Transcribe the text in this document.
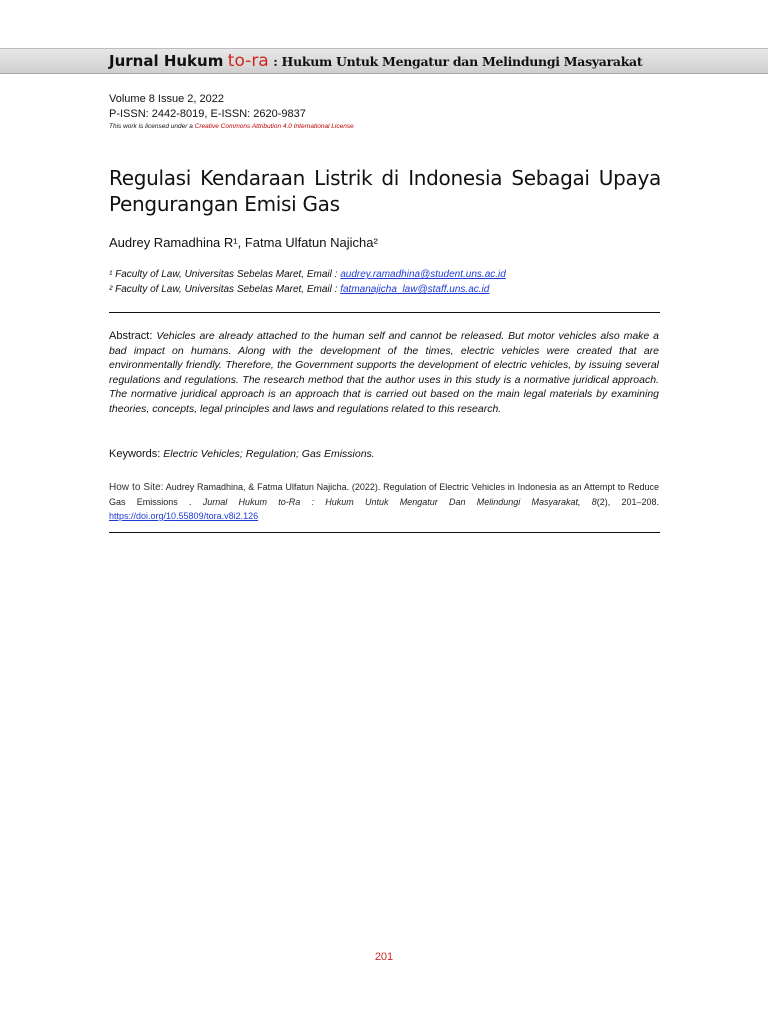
Jurnal Hukum to-ra : Hukum Untuk Mengatur dan Melindungi Masyarakat
Volume 8 Issue 2, 2022
P-ISSN: 2442-8019, E-ISSN: 2620-9837
This work is licensed under a Creative Commons Attribution 4.0 International License
Regulasi Kendaraan Listrik di Indonesia Sebagai Upaya Pengurangan Emisi Gas
Audrey Ramadhina R¹, Fatma Ulfatun Najicha²
¹ Faculty of Law, Universitas Sebelas Maret, Email : audrey.ramadhina@student.uns.ac.id
² Faculty of Law, Universitas Sebelas Maret, Email : fatmanajicha_law@staff.uns.ac.id
Abstract: Vehicles are already attached to the human self and cannot be released. But motor vehicles also make a bad impact on humans. Along with the development of the times, electric vehicles were created that are environmentally friendly. Therefore, the Government supports the development of electric vehicles, by issuing several regulations and regulations. The research method that the author uses in this study is a normative juridical approach. The normative juridical approach is an approach that is carried out based on the main legal materials by examining theories, concepts, legal principles and laws and regulations related to this research.
Keywords: Electric Vehicles; Regulation; Gas Emissions.
How to Site: Audrey Ramadhina, & Fatma Ulfatun Najicha. (2022). Regulation of Electric Vehicles in Indonesia as an Attempt to Reduce Gas Emissions . Jurnal Hukum to-Ra : Hukum Untuk Mengatur Dan Melindungi Masyarakat, 8(2), 201–208. https://doi.org/10.55809/tora.v8i2.126
201
